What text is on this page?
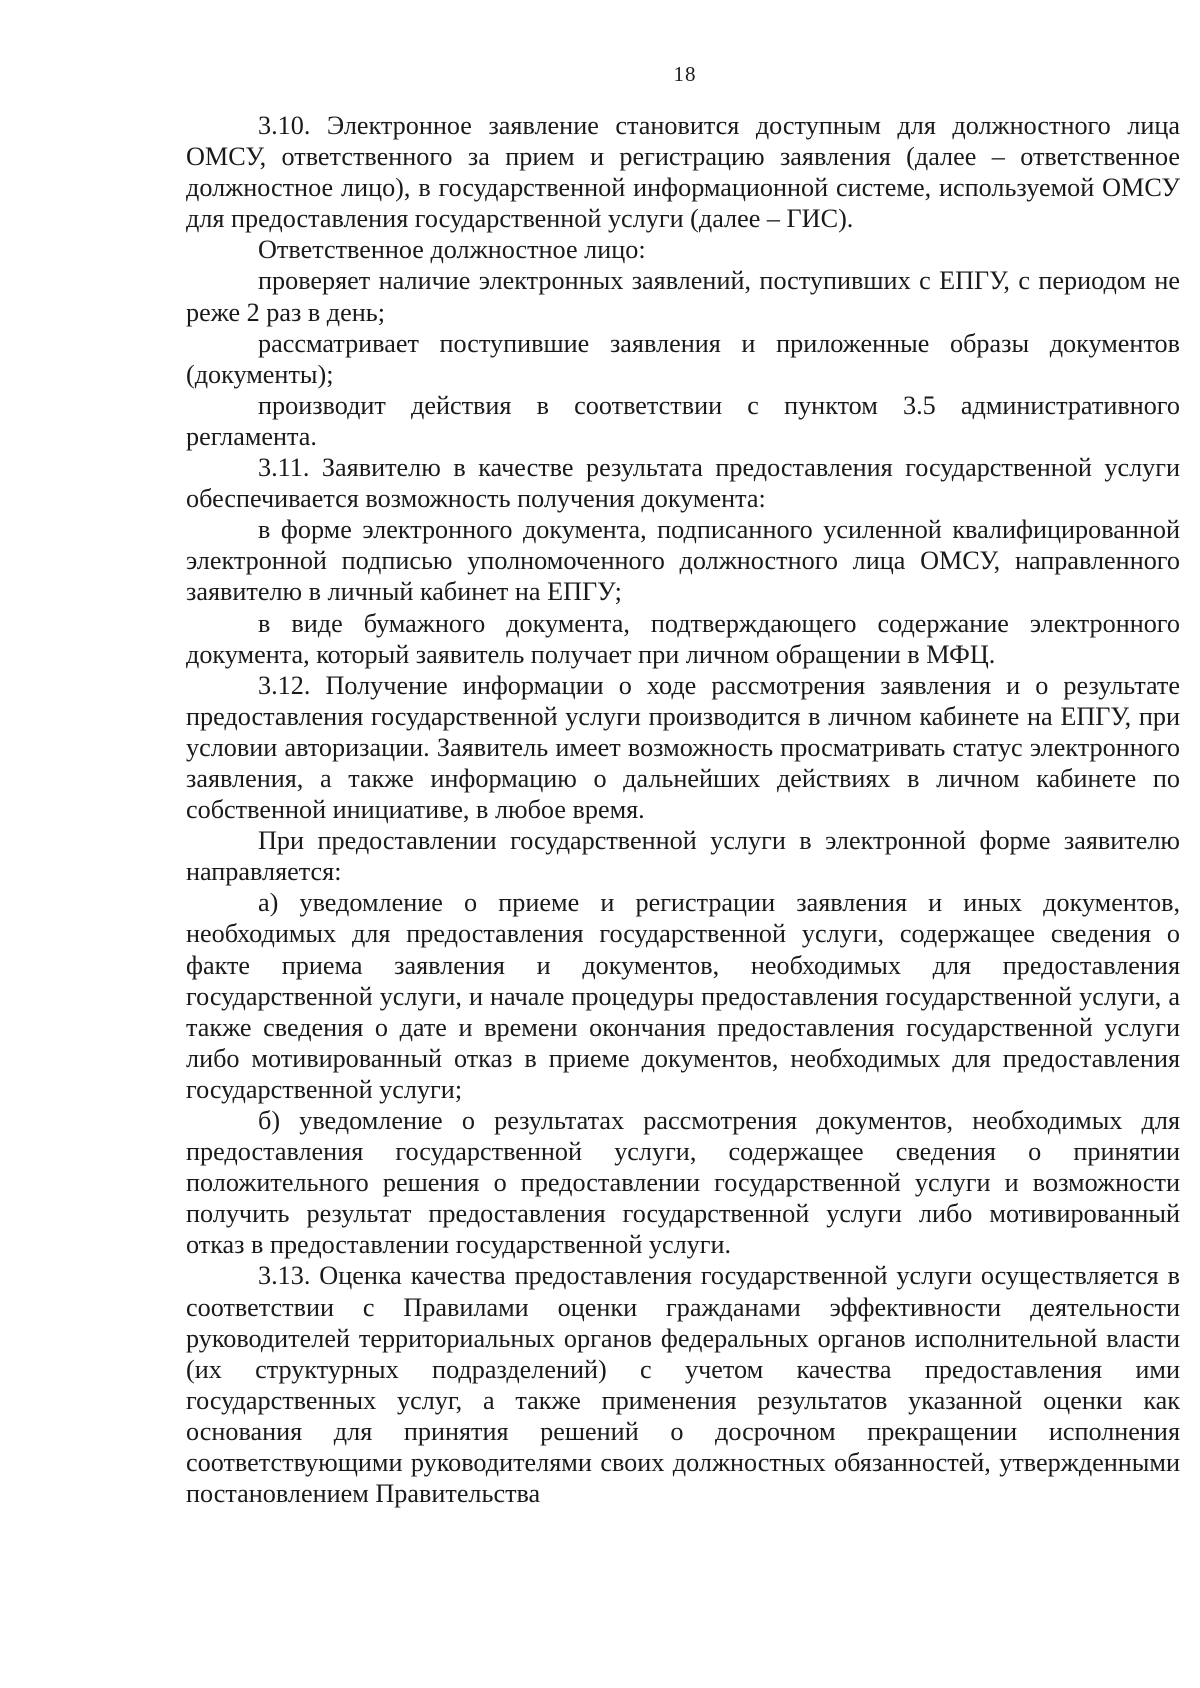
18

3.10. Электронное заявление становится доступным для должностного лица ОМСУ, ответственного за прием и регистрацию заявления (далее – ответственное должностное лицо), в государственной информационной системе, используемой ОМСУ для предоставления государственной услуги (далее – ГИС).

Ответственное должностное лицо:

проверяет наличие электронных заявлений, поступивших с ЕПГУ, с периодом не реже 2 раз в день;

рассматривает поступившие заявления и приложенные образы документов (документы);

производит действия в соответствии с пунктом 3.5 административного регламента.

3.11. Заявителю в качестве результата предоставления государственной услуги обеспечивается возможность получения документа:

в форме электронного документа, подписанного усиленной квалифицированной электронной подписью уполномоченного должностного лица ОМСУ, направленного заявителю в личный кабинет на ЕПГУ;

в виде бумажного документа, подтверждающего содержание электронного документа, который заявитель получает при личном обращении в МФЦ.

3.12. Получение информации о ходе рассмотрения заявления и о результате предоставления государственной услуги производится в личном кабинете на ЕПГУ, при условии авторизации. Заявитель имеет возможность просматривать статус электронного заявления, а также информацию о дальнейших действиях в личном кабинете по собственной инициативе, в любое время.

При предоставлении государственной услуги в электронной форме заявителю направляется:

а) уведомление о приеме и регистрации заявления и иных документов, необходимых для предоставления государственной услуги, содержащее сведения о факте приема заявления и документов, необходимых для предоставления государственной услуги, и начале процедуры предоставления государственной услуги, а также сведения о дате и времени окончания предоставления государственной услуги либо мотивированный отказ в приеме документов, необходимых для предоставления государственной услуги;

б) уведомление о результатах рассмотрения документов, необходимых для предоставления государственной услуги, содержащее сведения о принятии положительного решения о предоставлении государственной услуги и возможности получить результат предоставления государственной услуги либо мотивированный отказ в предоставлении государственной услуги.

3.13. Оценка качества предоставления государственной услуги осуществляется в соответствии с Правилами оценки гражданами эффективности деятельности руководителей территориальных органов федеральных органов исполнительной власти (их структурных подразделений) с учетом качества предоставления ими государственных услуг, а также применения результатов указанной оценки как основания для принятия решений о досрочном прекращении исполнения соответствующими руководителями своих должностных обязанностей, утвержденными постановлением Правительства
